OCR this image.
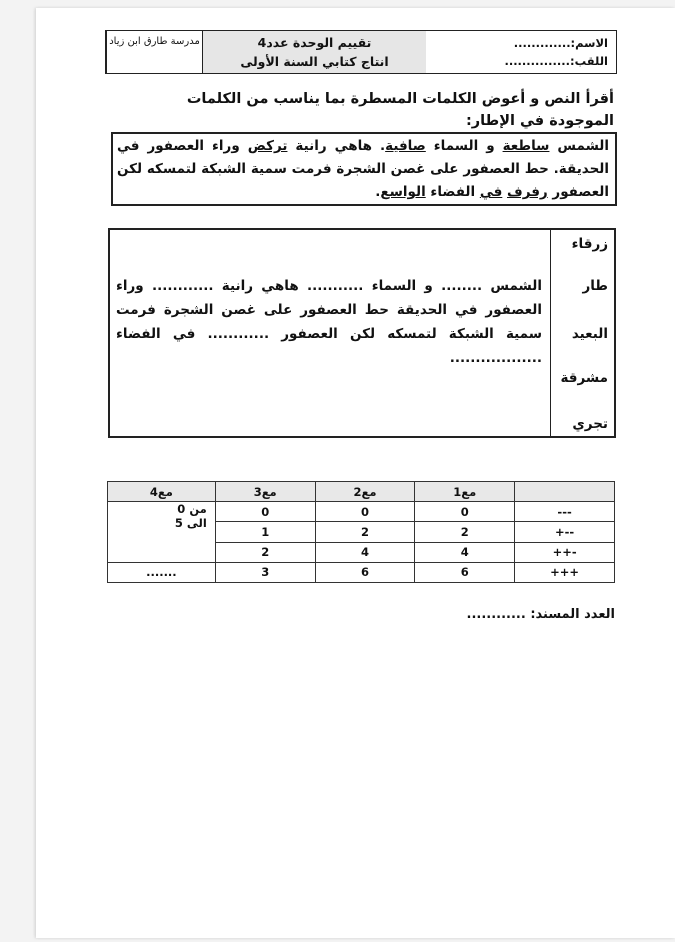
مدرسة طارق ابن زياد	تقييم الوحدة عدد4
انتاج كتابي السنة الأولى
الاسم:.............
اللقب:...............
أقرأ النص و أعوض الكلمات المسطرة بما يناسب من الكلمات الموجودة في الإطار:
الشمس ساطعة و السماء صافية. هاهي رانية تركض وراء العصفور في الحديقة. حط العصفور على غصن الشجرة فرمت سمية الشبكة لتمسكه لكن العصفور رفرف في الفضاء الواسع.
زرقاء
طار
البعيد
مشرقة
تجري
الشمس ........ و السماء ........... هاهي رانية ............ وراء العصفور في الحديقة حط العصفور على غصن الشجرة فرمت سمية الشبكة لتمسكه لكن العصفور ............ في الفضاء ..................
	مع1	مع2	مع3	مع4
---	0	0	0	من 0
الى 5

--+	2	2	1	
-++	4	4	2	
+++	6	6	3	.......
العدد المسند: ............
